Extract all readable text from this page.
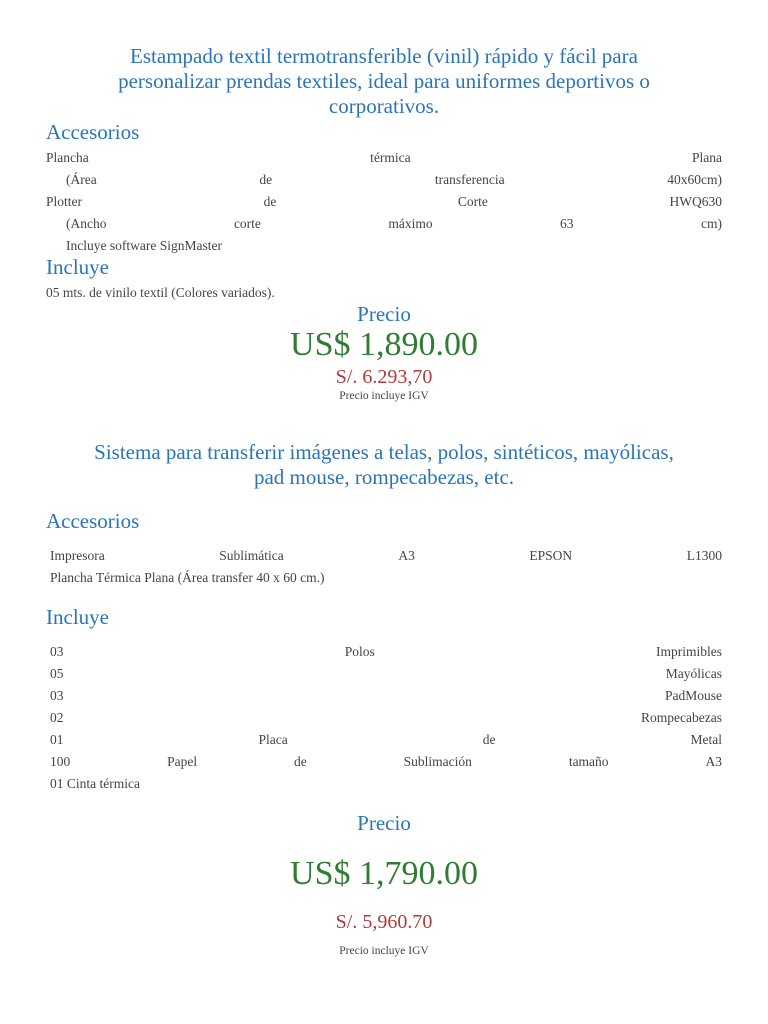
Estampado textil termotransferible (vinil) rápido y fácil para
personalizar prendas textiles, ideal para uniformes deportivos o
corporativos.
Accesorios
Plancha	térmica	Plana
(Área	de	transferencia	40x60cm)
Plotter	de	Corte	HWQ630
(Ancho	corte	máximo	63	cm)
Incluye software SignMaster
Incluye
05 mts. de vinilo textil (Colores variados).
Precio
US$ 1,890.00
S/. 6.293,70
Precio incluye IGV
Sistema para transferir imágenes a telas, polos, sintéticos, mayólicas,
pad mouse, rompecabezas, etc.
Accesorios
Impresora	Sublimática	A3	EPSON	L1300
Plancha Térmica Plana (Área transfer 40 x 60 cm.)
Incluye
03	Polos	Imprimibles
05	Mayólicas
03	PadMouse
02	Rompecabezas
01	Placa	de	Metal
100	Papel	de	Sublimación	tamaño	A3
01 Cinta térmica
Precio
US$ 1,790.00
S/. 5,960.70
Precio incluye IGV
